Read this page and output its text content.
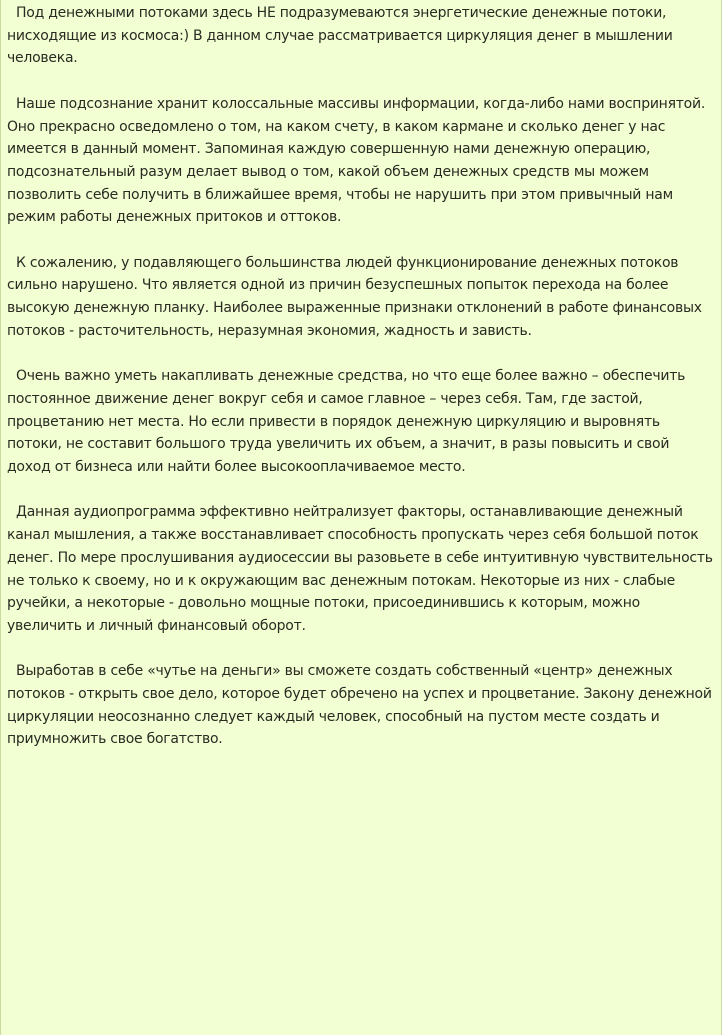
Под денежными потоками здесь НЕ подразумеваются энергетические денежные потоки, нисходящие из космоса:) В данном случае рассматривается циркуляция денег в мышлении человека.

Наше подсознание хранит колоссальные массивы информации, когда-либо нами воспринятой. Оно прекрасно осведомлено о том, на каком счету, в каком кармане и сколько денег у нас имеется в данный момент. Запоминая каждую совершенную нами денежную операцию, подсознательный разум делает вывод о том, какой объем денежных средств мы можем позволить себе получить в ближайшее время, чтобы не нарушить при этом привычный нам режим работы денежных притоков и оттоков.

К сожалению, у подавляющего большинства людей функционирование денежных потоков сильно нарушено. Что является одной из причин безуспешных попыток перехода на более высокую денежную планку. Наиболее выраженные признаки отклонений в работе финансовых потоков - расточительность, неразумная экономия, жадность и зависть.

Очень важно уметь накапливать денежные средства, но что еще более важно – обеспечить постоянное движение денег вокруг себя и самое главное – через себя. Там, где застой, процветанию нет места. Но если привести в порядок денежную циркуляцию и выровнять потоки, не составит большого труда увеличить их объем, а значит, в разы повысить и свой доход от бизнеса или найти более высокооплачиваемое место.

Данная аудиопрограмма эффективно нейтрализует факторы, останавливающие денежный канал мышления, а также восстанавливает способность пропускать через себя большой поток денег. По мере прослушивания аудиосессии вы разовьете в себе интуитивную чувствительность не только к своему, но и к окружающим вас денежным потокам. Некоторые из них - слабые ручейки, а некоторые - довольно мощные потоки, присоединившись к которым, можно увеличить и личный финансовый оборот.

Выработав в себе «чутье на деньги» вы сможете создать собственный «центр» денежных потоков - открыть свое дело, которое будет обречено на успех и процветание. Закону денежной циркуляции неосознанно следует каждый человек, способный на пустом месте создать и приумножить свое богатство.
